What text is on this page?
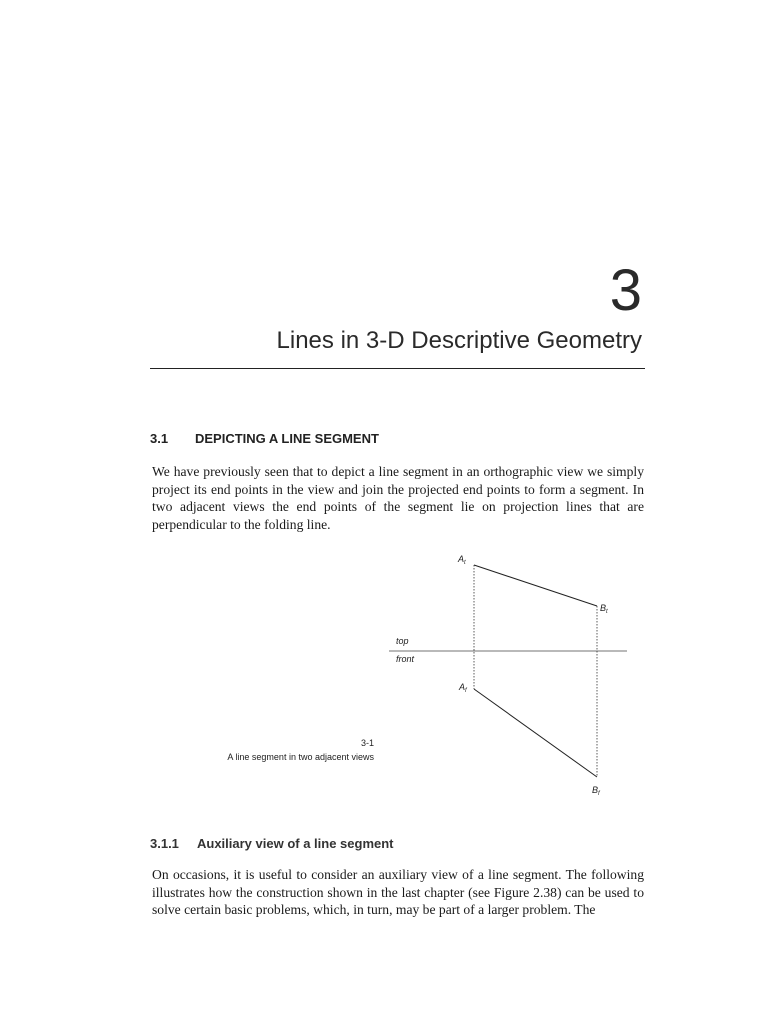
3
Lines in 3-D Descriptive Geometry
3.1 DEPICTING A LINE SEGMENT

We have previously seen that to depict a line segment in an orthographic view we simply project its end points in the view and join the projected end points to form a segment. In two adjacent views the end points of the segment lie on projection lines that are perpendicular to the folding line.

$A_t$
$B_t$
$A_f$
$B_f$
top
front
3-1
A line segment in two adjacent views
3.1.1 Auxiliary view of a line segment

On occasions, it is useful to consider an auxiliary view of a line segment. The following illustrates how the construction shown in the last chapter (see Figure 2.38) can be used to solve certain basic problems, which, in turn, may be part of a larger problem. The
